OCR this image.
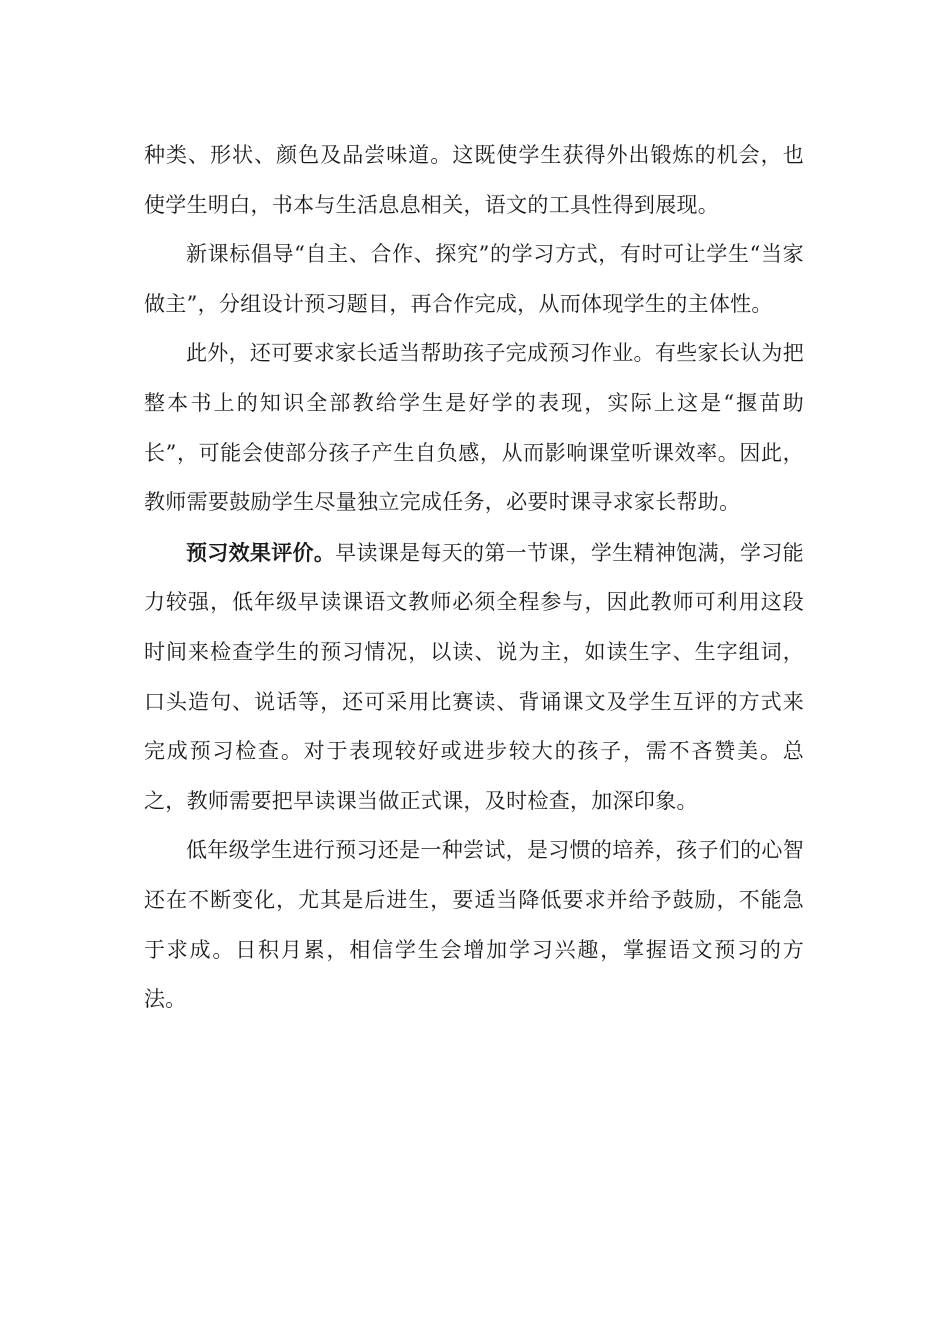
种类、形状、颜色及品尝味道。这既使学生获得外出锻炼的机会，也使学生明白，书本与生活息息相关，语文的工具性得到展现。

新课标倡导“自主、合作、探究”的学习方式，有时可让学生“当家做主”，分组设计预习题目，再合作完成，从而体现学生的主体性。

此外，还可要求家长适当帮助孩子完成预习作业。有些家长认为把整本书上的知识全部教给学生是好学的表现，实际上这是“揠苗助长”，可能会使部分孩子产生自负感，从而影响课堂听课效率。因此，教师需要鼓励学生尽量独立完成任务，必要时课寻求家长帮助。

预习效果评价。早读课是每天的第一节课，学生精神饱满，学习能力较强，低年级早读课语文教师必须全程参与，因此教师可利用这段时间来检查学生的预习情况，以读、说为主，如读生字、生字组词，口头造句、说话等，还可采用比赛读、背诵课文及学生互评的方式来完成预习检查。对于表现较好或进步较大的孩子，需不吝赞美。总之，教师需要把早读课当做正式课，及时检查，加深印象。

低年级学生进行预习还是一种尝试，是习惯的培养，孩子们的心智还在不断变化，尤其是后进生，要适当降低要求并给予鼓励，不能急于求成。日积月累，相信学生会增加学习兴趣，掌握语文预习的方法。
